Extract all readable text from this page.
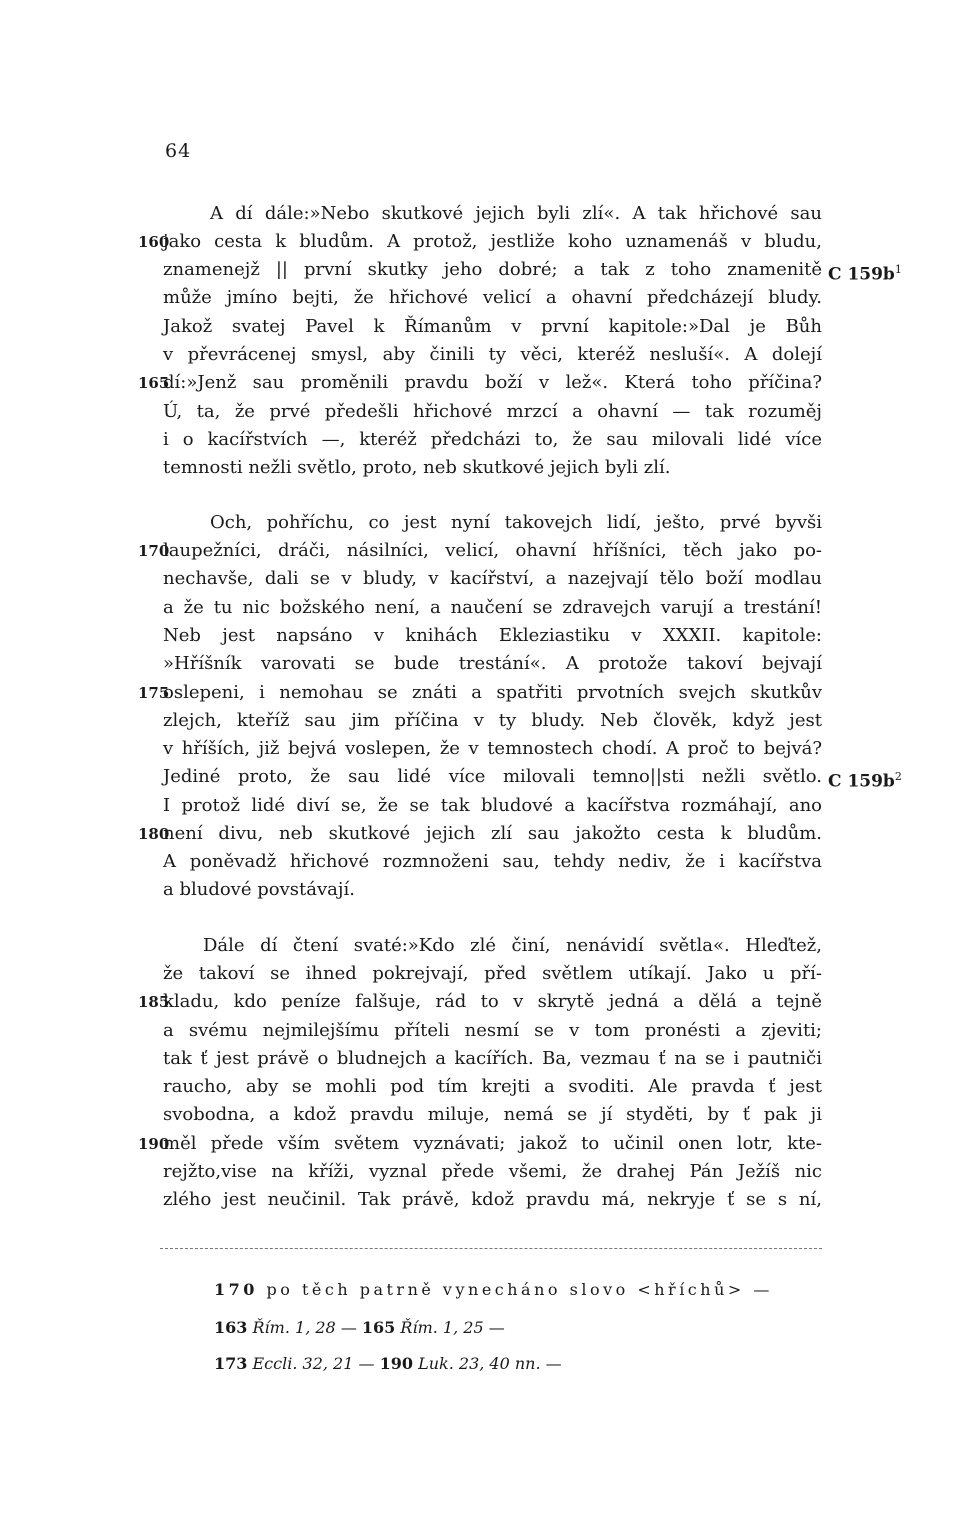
64
A dí dále:»Nebo skutkové jejich byli zlí«. A tak hřichové sau
jako cesta k bludům. A protož, jestliže koho uznamenáš v bludu,
160
znamenejž || první skutky jeho dobré; a tak z toho znamenitě C $159b^1$
může jmíno bejti, že hřichové velicí a ohavní předcházejí bludy.
Jakož svatej Pavel k Římanům v první kapitole:»Dal je Bůh
v převrácenej smysl, aby činili ty věci, kteréž nesluší«. A dolejí
dí:»Jenž sau proměnili pravdu boží v lež«. Která toho příčina?
165
Ú, ta, že prvé předešli hřichové mrzcí a ohavní — tak rozuměj
i o kacířstvích —, kteréž předcházi to, že sau milovali lidé více
temnosti nežli světlo, proto, neb skutkové jejich byli zlí.
Och, pohříchu, co jest nyní takovejch lidí, ješto, prvé byvši
laupežníci, dráči, násilníci, velicí, ohavní hříšníci, těch jako po-
170
nechavše, dali se v bludy, v kacířství, a nazejvají tělo boží modlau
a že tu nic božského není, a naučení se zdravejch varují a trestání!
Neb jest napsáno v knihách Ekleziastiku v XXXII. kapitole:
»Hříšník varovati se bude trestání«. A protože takoví bejvají
oslepeni, i nemohau se znáti a spatřiti prvotních svejch skutkův
175
zlejch, kteříž sau jim příčina v ty bludy. Neb člověk, když jest
v hříších, již bejvá voslepen, že v temnostech chodí. A proč to bejvá?
Jediné proto, že sau lidé více milovali temno||sti nežli světlo. C $159b^2$
I protož lidé diví se, že se tak bludové a kacířstva rozmáhají, ano
není divu, neb skutkové jejich zlí sau jakožto cesta k bludům.
180
A poněvadž hřichové rozmnoženi sau, tehdy nediv, že i kacířstva
a bludové povstávají.
Dále dí čtení svaté:»Kdo zlé činí, nenávidí světla«. Hleďtež,
že takoví se ihned pokrejvají, před světlem utíkají. Jako u pří-
kladu, kdo peníze falšuje, rád to v skrytě jedná a dělá a tejně
185
a svému nejmilejšímu příteli nesmí se v tom pronésti a zjeviti;
tak ť jest právě o bludnejch a kacířích. Ba, vezmau ť na se i pautniči
raucho, aby se mohli pod tím krejti a svoditi. Ale pravda ť jest
svobodna, a kdož pravdu miluje, nemá se jí styděti, by ť pak ji
měl přede vším světem vyznávati; jakož to učinil onen lotr, kte-
190
rejžto,vise na kříži, vyznal přede všemi, že drahej Pán Ježíš nic
zlého jest neučinil. Tak právě, kdož pravdu má, nekryje ť se s ní,
170 po těch patrně vynecháno slovo <hříchů> —
163 Řím. 1, 28 — 165 Řím. 1, 25 —
173 Eccli. 32, 21 — 190 Luk. 23, 40 nn. —
